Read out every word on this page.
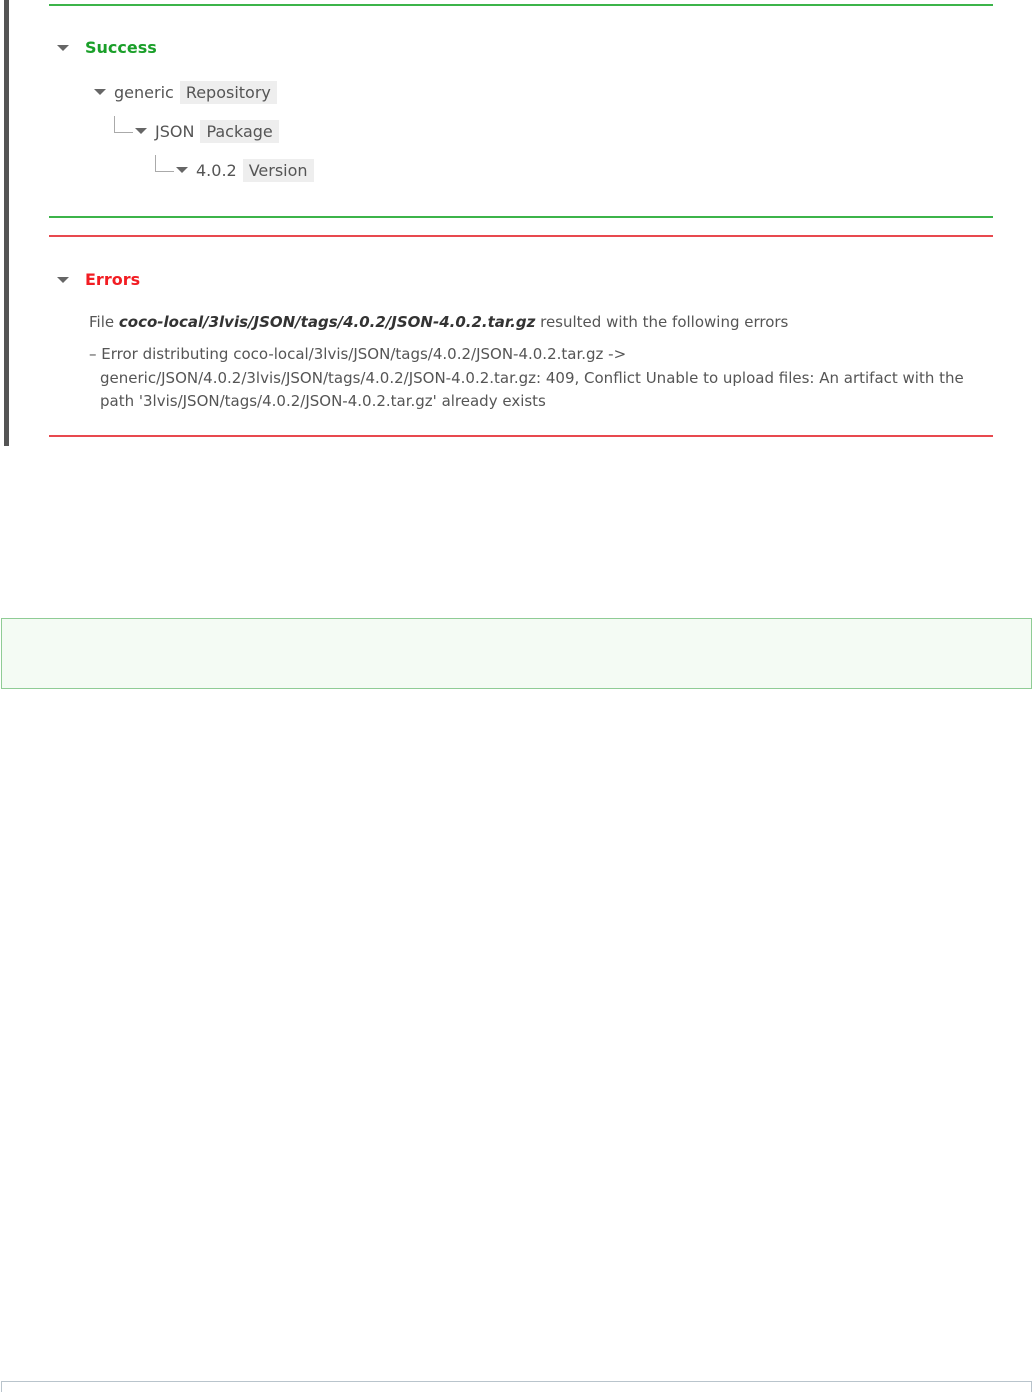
Success
generic Repository
JSON Package
4.0.2 Version
Errors
File coco-local/3lvis/JSON/tags/4.0.2/JSON-4.0.2.tar.gz resulted with the following errors
– Error distributing coco-local/3lvis/JSON/tags/4.0.2/JSON-4.0.2.tar.gz -> generic/JSON/4.0.2/3lvis/JSON/tags/4.0.2/JSON-4.0.2.tar.gz: 409, Conflict Unable to upload files: An artifact with the path '3lvis/JSON/tags/4.0.2/JSON-4.0.2.tar.gz' already exists
